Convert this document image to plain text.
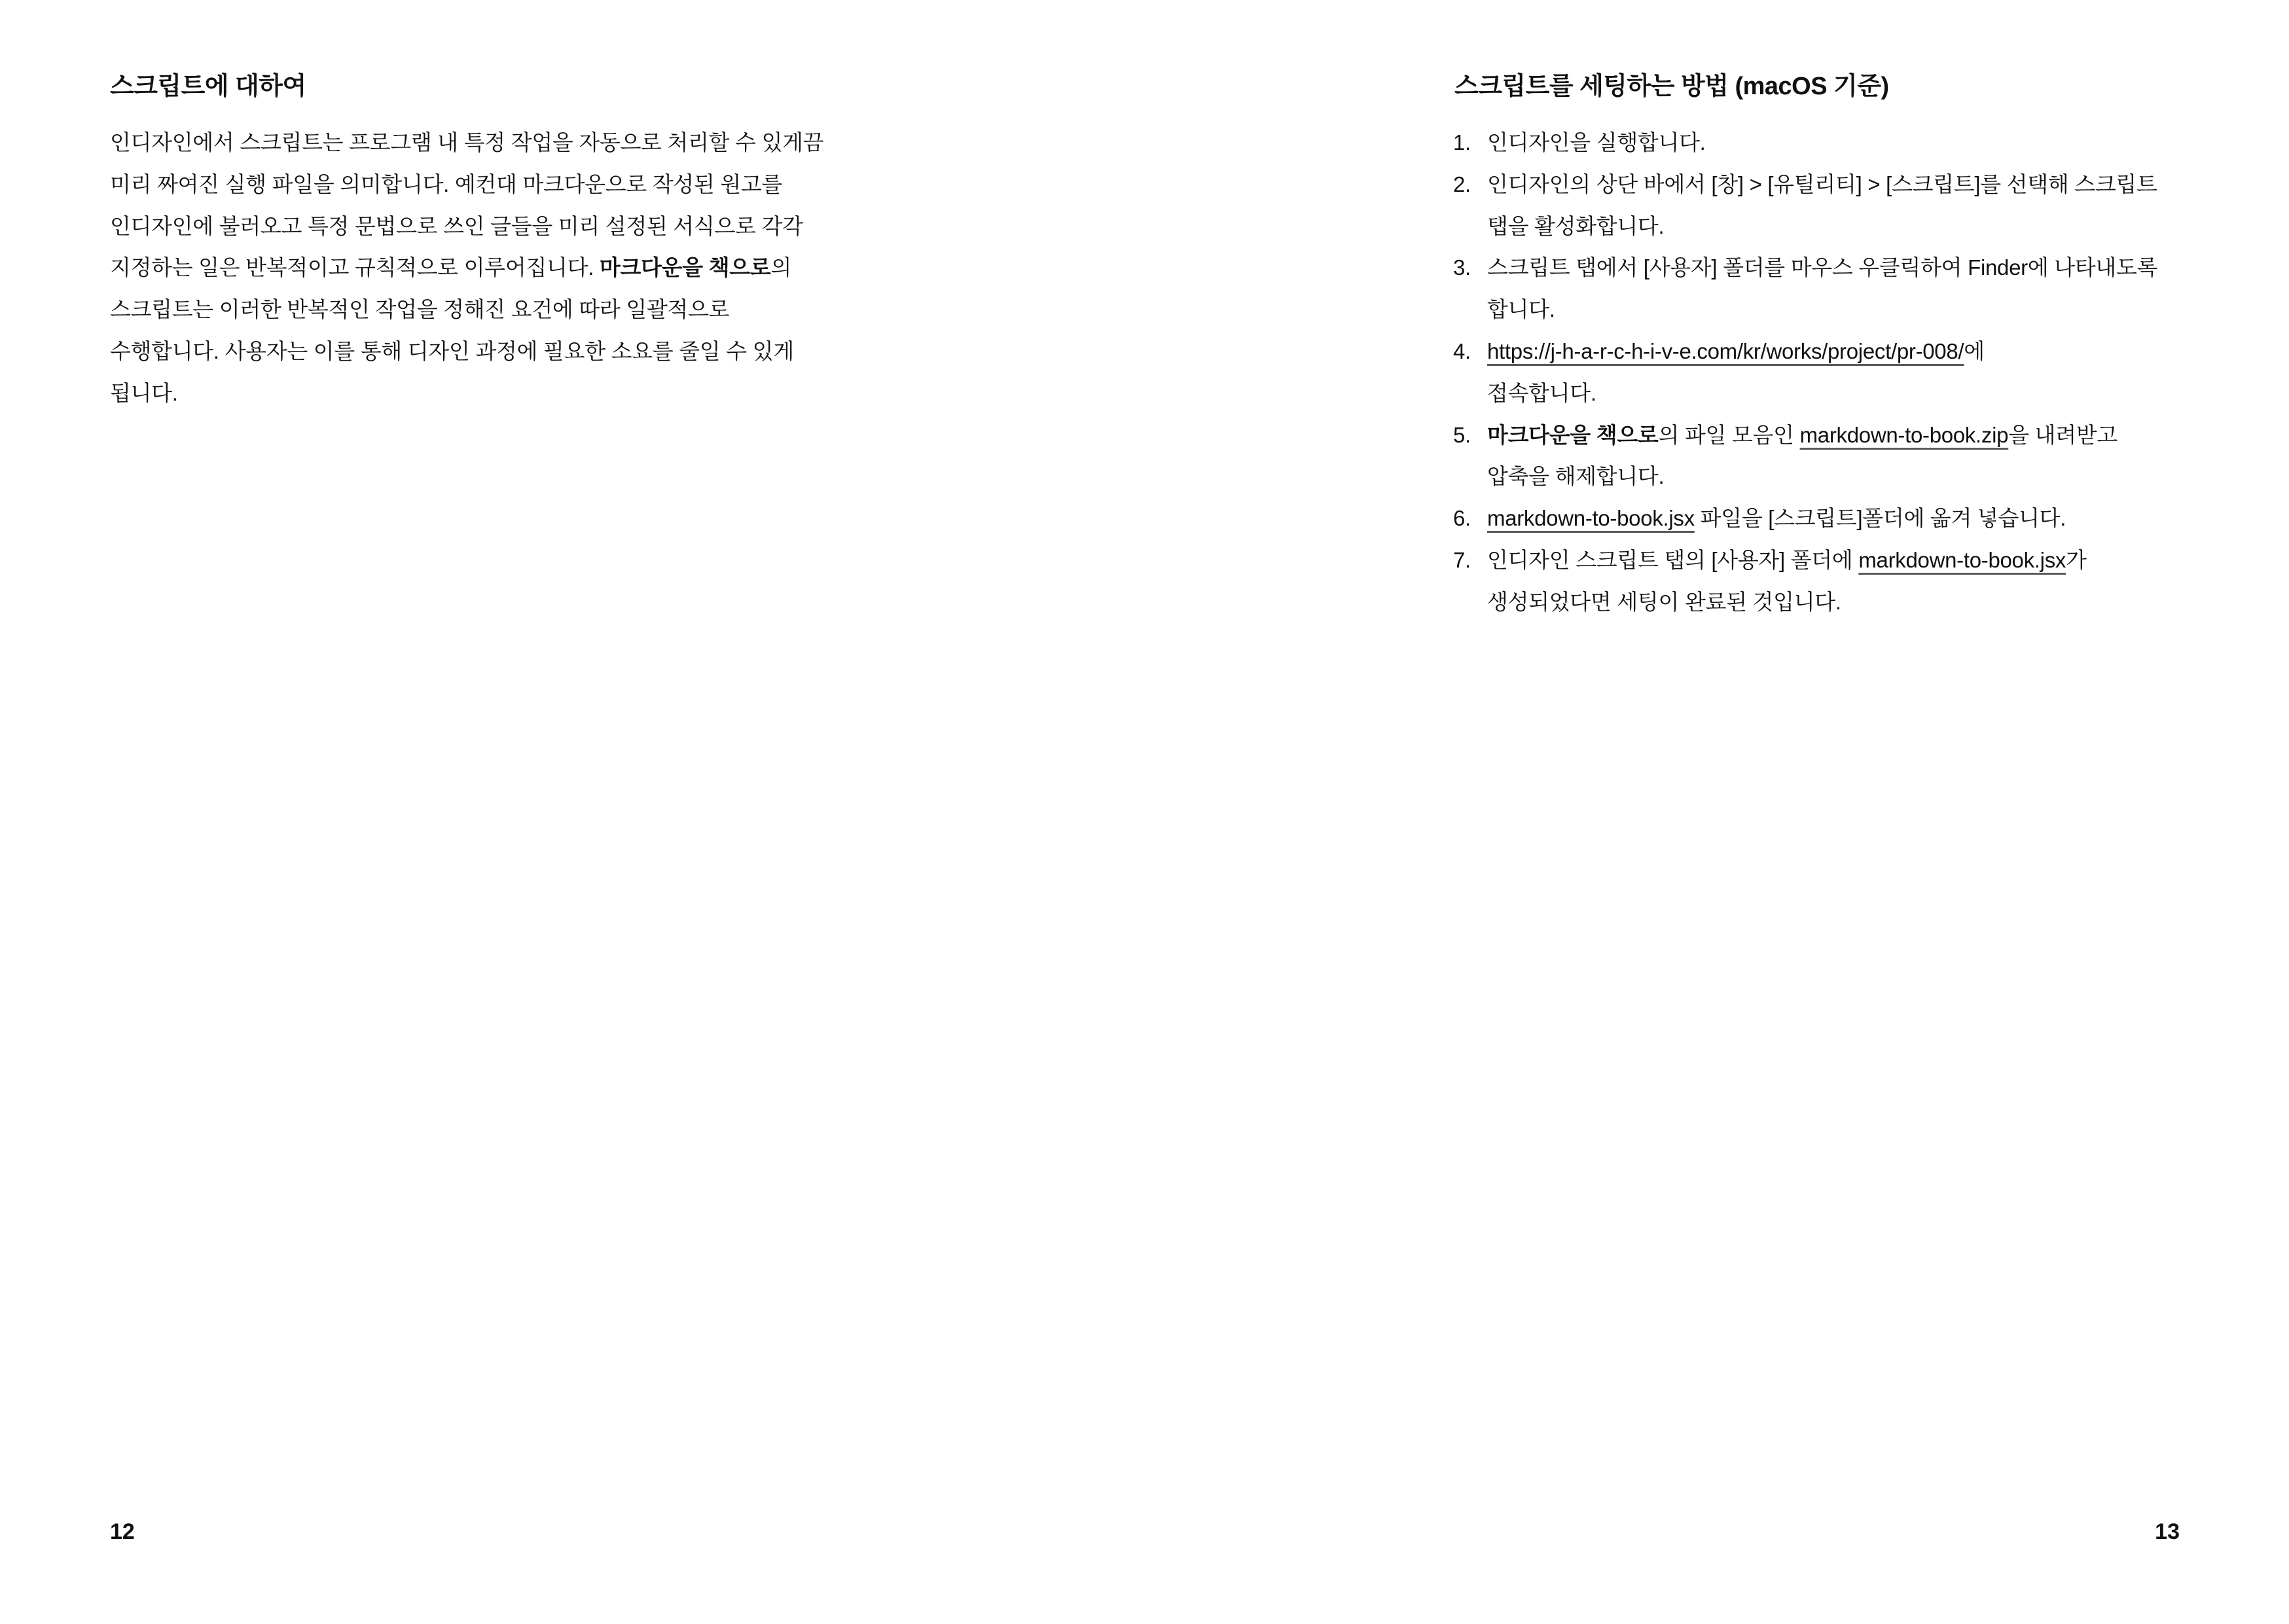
스크립트에 대하여
인디자인에서 스크립트는 프로그램 내 특정 작업을 자동으로 처리할 수 있게끔
미리 짜여진 실행 파일을 의미합니다. 예컨대 마크다운으로 작성된 원고를
인디자인에 불러오고 특정 문법으로 쓰인 글들을 미리 설정된 서식으로 각각
지정하는 일은 반복적이고 규칙적으로 이루어집니다. 마크다운을 책으로의
스크립트는 이러한 반복적인 작업을 정해진 요건에 따라 일괄적으로
수행합니다. 사용자는 이를 통해 디자인 과정에 필요한 소요를 줄일 수 있게
됩니다.
12
스크립트를 세팅하는 방법 (macOS 기준)
1. 인디자인을 실행합니다.
2. 인디자인의 상단 바에서 [창] > [유틸리티] > [스크립트]를 선택해 스크립트
탭을 활성화합니다.
3. 스크립트 탭에서 [사용자] 폴더를 마우스 우클릭하여 Finder에 나타내도록
합니다.
4. https://j-h-a-r-c-h-i-v-e.com/kr/works/project/pr-008/에
접속합니다.
5. 마크다운을 책으로의 파일 모음인 markdown-to-book.zip을 내려받고
압축을 해제합니다.
6. markdown-to-book.jsx 파일을 [스크립트]폴더에 옮겨 넣습니다.
7. 인디자인 스크립트 탭의 [사용자] 폴더에 markdown-to-book.jsx가
생성되었다면 세팅이 완료된 것입니다.
13
